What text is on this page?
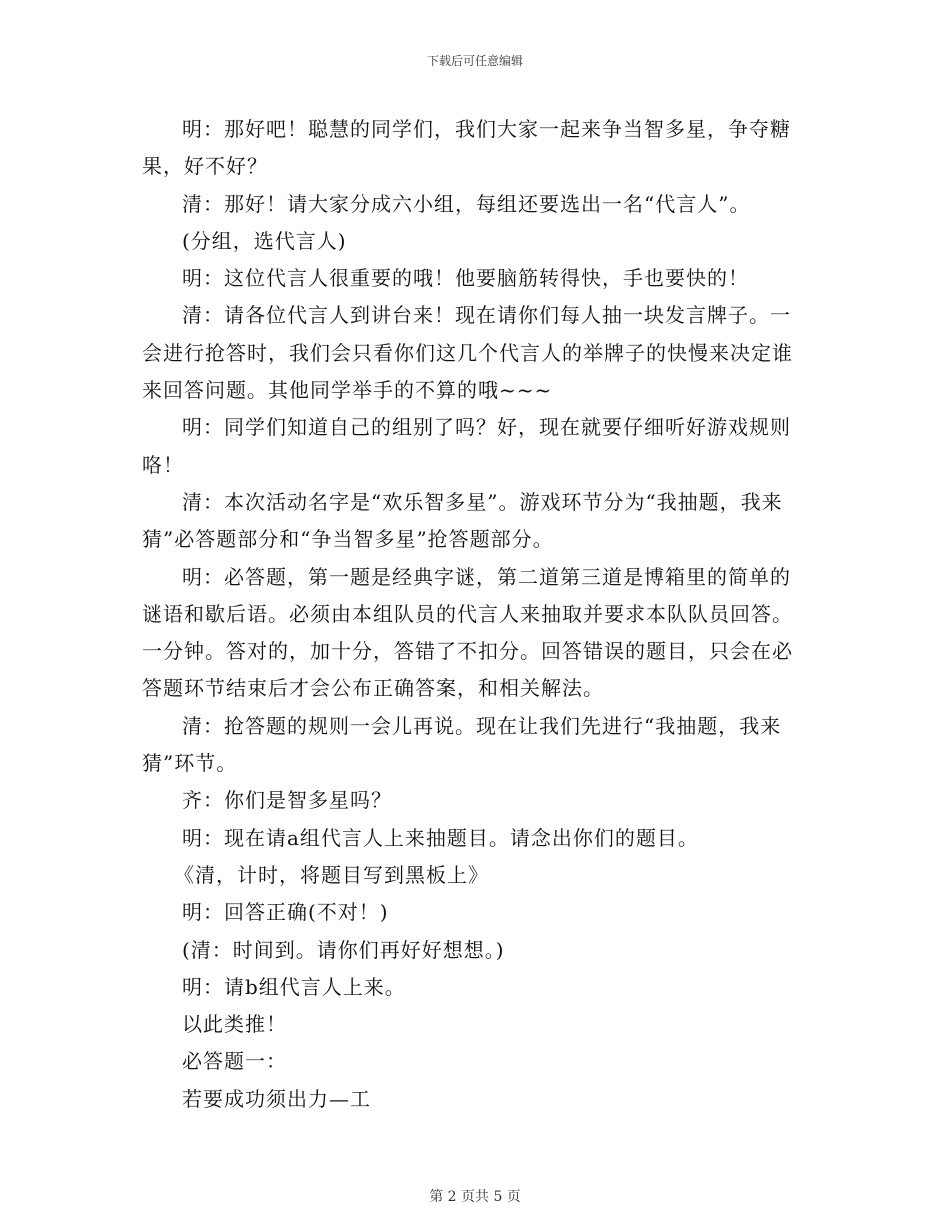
下载后可任意编辑

明：那好吧！聪慧的同学们，我们大家一起来争当智多星，争夺糖果，好不好？

清：那好！请大家分成六小组，每组还要选出一名“代言人”。

(分组，选代言人)

明：这位代言人很重要的哦！他要脑筋转得快，手也要快的！

清：请各位代言人到讲台来！现在请你们每人抽一块发言牌子。一会进行抢答时，我们会只看你们这几个代言人的举牌子的快慢来决定谁来回答问题。其他同学举手的不算的哦~~~

明：同学们知道自己的组别了吗？好，现在就要仔细听好游戏规则咯！

清：本次活动名字是“欢乐智多星”。游戏环节分为“我抽题，我来猜”必答题部分和“争当智多星”抢答题部分。

明：必答题，第一题是经典字谜，第二道第三道是博箱里的简单的谜语和歇后语。必须由本组队员的代言人来抽取并要求本队队员回答。一分钟。答对的，加十分，答错了不扣分。回答错误的题目，只会在必答题环节结束后才会公布正确答案，和相关解法。

清：抢答题的规则一会儿再说。现在让我们先进行“我抽题，我来猜”环节。

齐：你们是智多星吗？

明：现在请a组代言人上来抽题目。请念出你们的题目。

《清，计时，将题目写到黑板上》

明：回答正确(不对！)

(清：时间到。请你们再好好想想。)

明：请b组代言人上来。

以此类推！

必答题一：

若要成功须出力—工

第 2 页共 5 页
